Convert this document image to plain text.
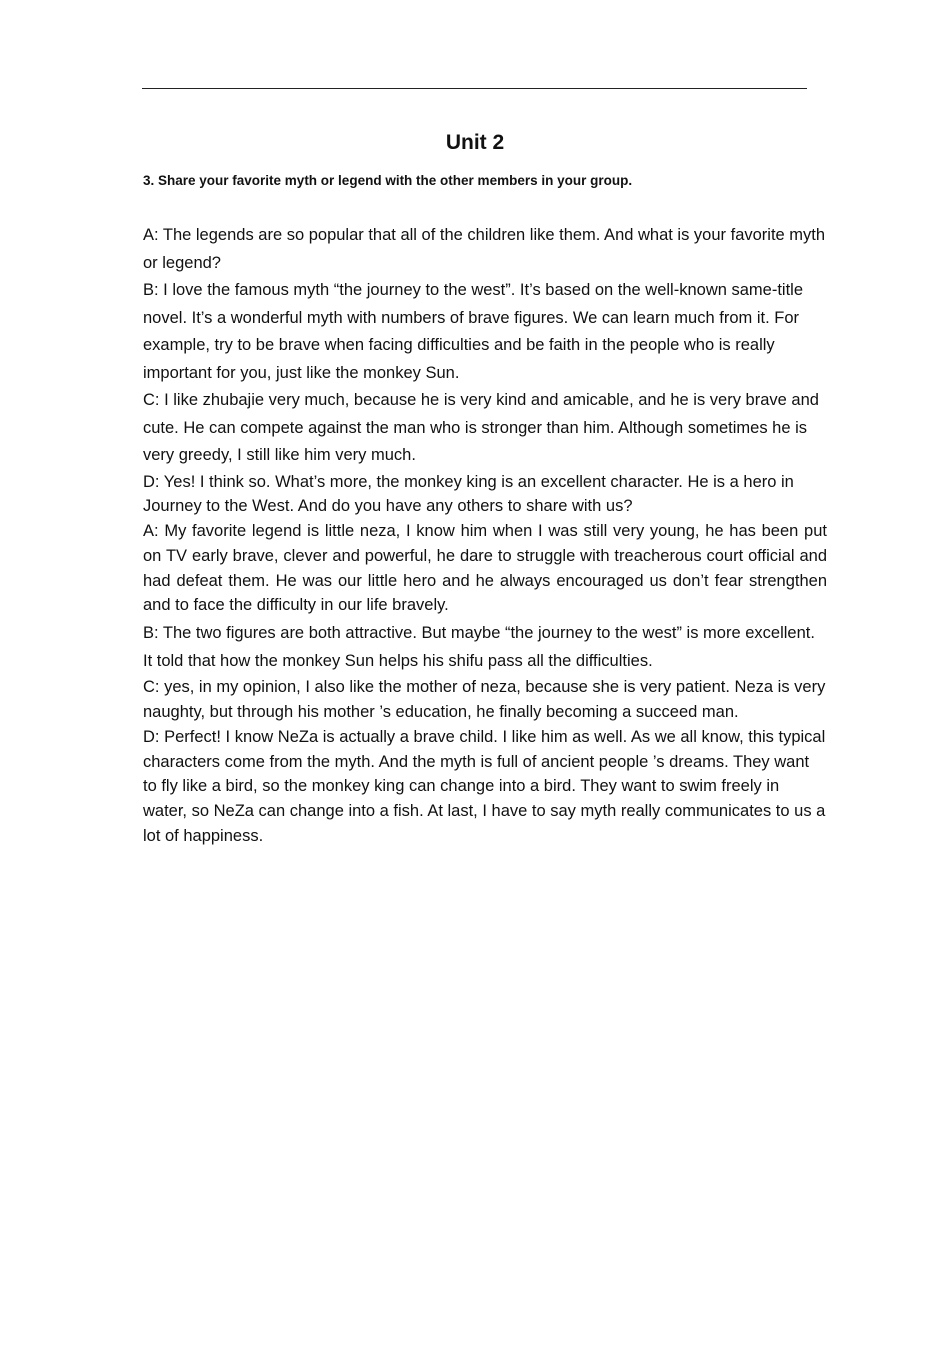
Unit 2

3. Share your favorite myth or legend with the other members in your group.

A: The legends are so popular that all of the children like them. And what is your favorite myth or legend?

B: I love the famous myth “the journey to the west”. It’s based on the well-known same-title novel. It’s a wonderful myth with numbers of brave figures. We can learn much from it. For example, try to be brave when facing difficulties and be faith in the people who is really important for you, just like the monkey Sun.

C: I like zhubajie very much, because he is very kind and amicable, and he is very brave and cute. He can compete against the man who is stronger than him. Although sometimes he is very greedy, I still like him very much.

D: Yes! I think so. What’s more, the monkey king is an excellent character. He is a hero in Journey to the West. And do you have any others to share with us?

A: My favorite legend is little neza, I know him when I was still very young, he has been put on TV early brave, clever and powerful, he dare to struggle with treacherous court official and had defeat them. He was our little hero and he always encouraged us don’t fear strengthen and to face the difficulty in our life bravely.

B: The two figures are both attractive. But maybe “the journey to the west” is more excellent. It told that how the monkey Sun helps his shifu pass all the difficulties.

C: yes, in my opinion, I also like the mother of neza, because she is very patient. Neza is very naughty, but through his mother ’s education, he finally becoming a succeed man.

D: Perfect! I know NeZa is actually a brave child. I like him as well. As we all know, this typical characters come from the myth. And the myth is full of ancient people ’s dreams. They want to fly like a bird, so the monkey king can change into a bird. They want to swim freely in water, so NeZa can change into a fish. At last, I have to say myth really communicates to us a lot of happiness.
